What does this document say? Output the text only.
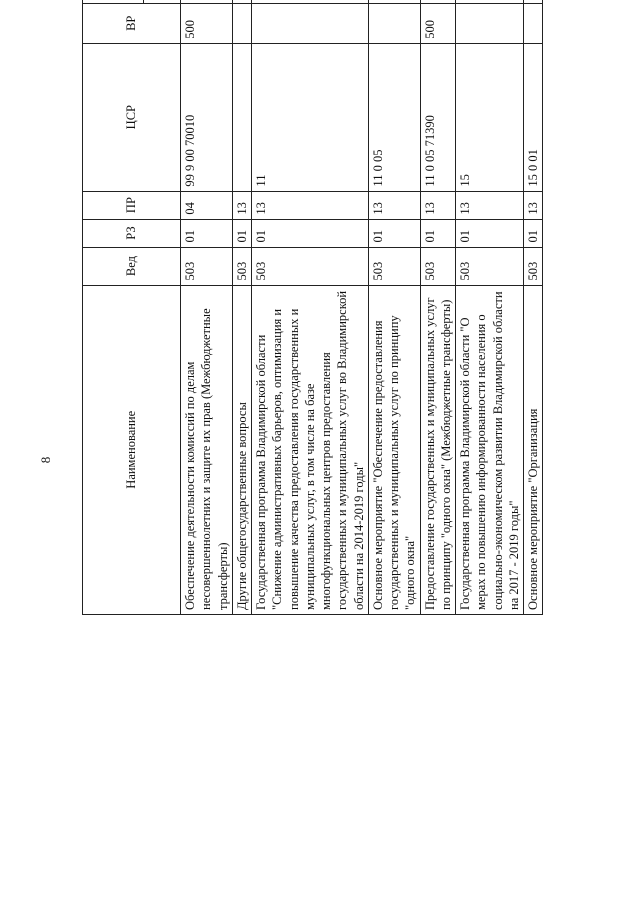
8	Наименование	Вед	РЗ	ПР	ЦСР	ВР	

Обеспечение деятельности комиссий по делам несовершеннолетних и защите их прав (Межбюджетные трансферты)	503	01	04	99 9 00 70010	500		
Другие общегосударственные вопросы	503	01	13				
Государственная программа Владимирской области "Снижение административных барьеров, оптимизация и повышение качества предоставления государственных и муниципальных услуг, в том числе на базе многофункциональных центров предоставления государственных и муниципальных услуг во Владимирской области на 2014-2019 годы"	503	01	13	11			
Основное мероприятие "Обеспечение предоставления государственных и муниципальных услуг по принципу "одного окна"	503	01	13	11 0 05			
Предоставление государственных и муниципальных услуг по принципу "одного окна" (Межбюджетные трансферты)	503	01	13	11 0 05 71390	500		
Государственная программа Владимирской области "О мерах по повышению информированности населения о социально-экономическом развитии Владимирской области на 2017 - 2019 годы"	503	01	13	15			
Основное мероприятие "Организация	503	01	13	15 0 01			
